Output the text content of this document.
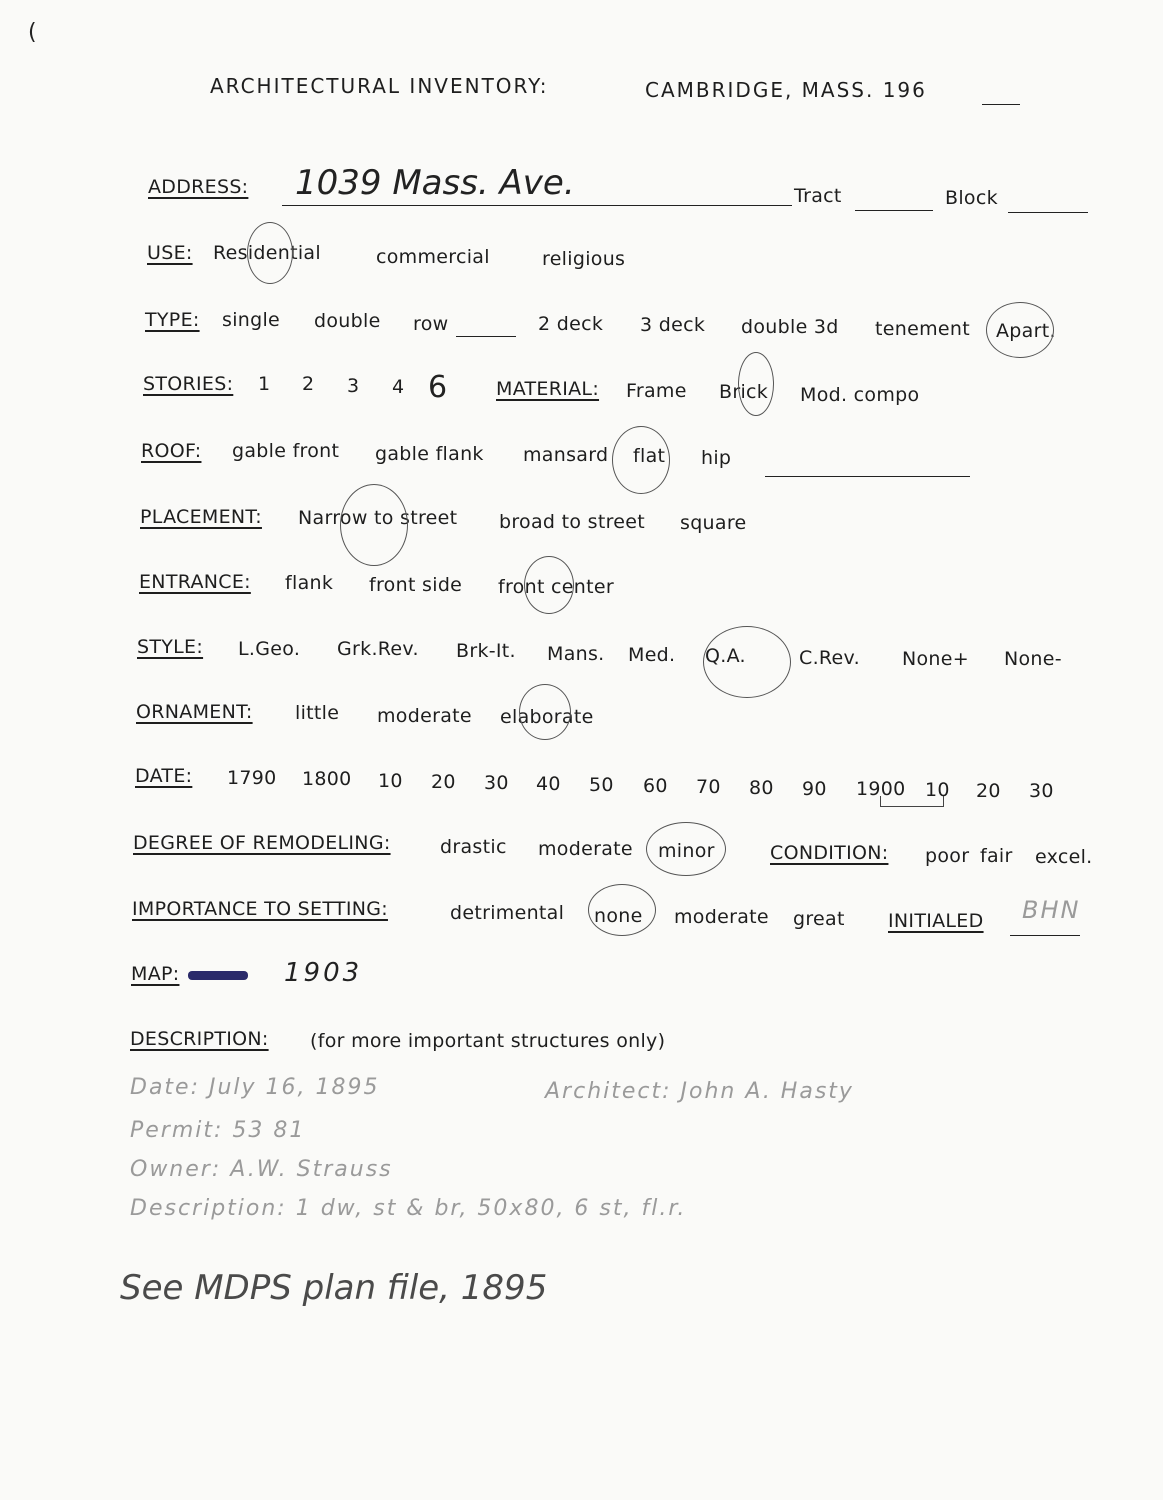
(
ARCHITECTURAL INVENTORY:	CAMBRIDGE, MASS. 196
ADDRESS: 1039 Mass. Ave.	Tract	Block
USE: Residential	commercial	religious
TYPE: single double row	2 deck 3 deck double 3d tenement Apart.
STORIES: 1 2 3 4 6	MATERIAL: Frame Brick Mod. compo
ROOF: gable front gable flank mansard flat hip
PLACEMENT: Narrow to street broad to street square
ENTRANCE: flank front side front center
STYLE: L.Geo. Grk.Rev. Brk-It. Mans. Med. Q.A.	C.Rev. None+ None-
ORNAMENT: little moderate elaborate
DATE: 1790 1800 10 20 30 40 50 60 70 80 90 1900 10 20 30
DEGREE OF REMODELING:	drastic moderate minor	CONDITION: poor fair excel.
IMPORTANCE TO SETTING:	detrimental none moderate great INITIALED BHN
MAP:	1903
DESCRIPTION: (for more important structures only)
Date: July 16, 1895	Architect: John A. Hasty
Permit: 53 81
Owner: A.W. Strauss
Description: 1 dw, st & br, 50x80, 6 st, fl.r.
See MDPS plan file, 1895
